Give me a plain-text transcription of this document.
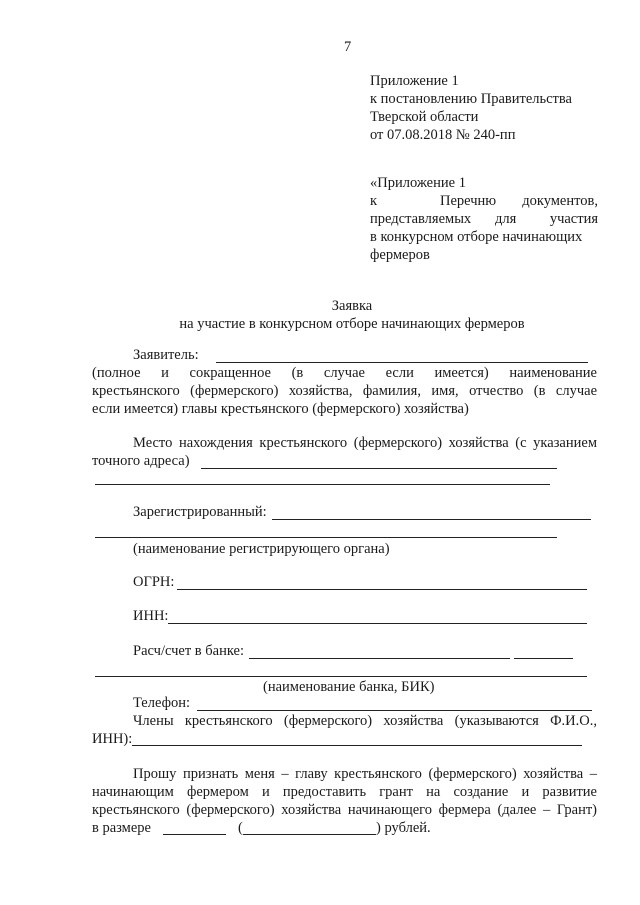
7
Приложение 1
к постановлению Правительства
Тверской области
от 07.08.2018 № 240-пп
«Приложение 1
к	Перечню документов,
представляемых для участия
в конкурсном отборе начинающих
фермеров
Заявка
на участие в конкурсном отборе начинающих фермеров
Заявитель:
(полное и сокращенное (в случае если имеется) наименование
крестьянского (фермерского) хозяйства, фамилия, имя, отчество (в случае
если имеется) главы крестьянского (фермерского) хозяйства)
Место нахождения крестьянского (фермерского) хозяйства (с указанием
точного адреса)
Зарегистрированный:
(наименование регистрирующего органа)
ОГРН:
ИНН:
Расч/счет в банке:
(наименование банка, БИК)
Телефон:
Члены крестьянского (фермерского) хозяйства (указываются Ф.И.О.,
ИНН):
Прошу признать меня – главу крестьянского (фермерского) хозяйства –
начинающим фермером и предоставить грант на создание и развитие
крестьянского (фермерского) хозяйства начинающего фермера (далее – Грант)
в размере	(	) рублей.
